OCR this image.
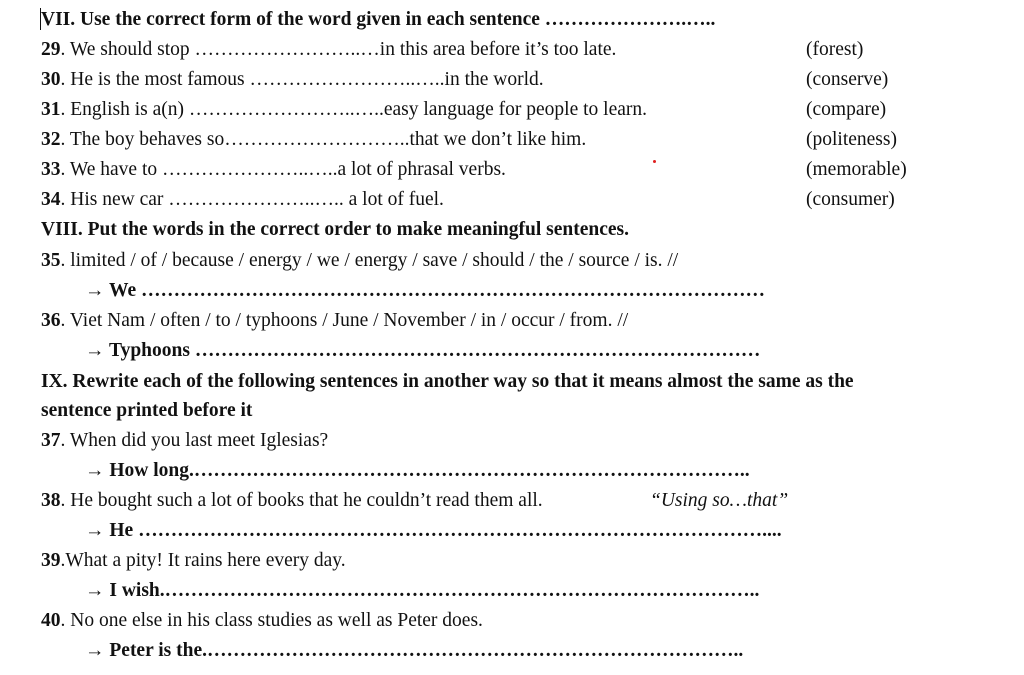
VII. Use the correct form of the word given in each sentence ………………….…..
29. We should stop ……………………..…in this area before it’s too late.	(forest)
30. He is the most famous ……………………..…..in the world.	(conserve)
31. English is a(n) ……………………..…..easy language for people to learn.	(compare)
32. The boy behaves so………………………..that we don’t like him.	(politeness)
33. We have to …………………..…..a lot of phrasal verbs.	(memorable)
34. His new car …………………..….. a lot of fuel.	(consumer)
VIII. Put the words in the correct order to make meaningful sentences.
35. limited / of / because / energy / we / energy / save / should / the / source / is. //
→ We ……………………………………………………………………………………
36. Viet Nam / often / to / typhoons / June / November / in / occur / from. //
→ Typhoons ……………………………………………………………………………
IX. Rewrite each of the following sentences in another way so that it means almost the same as the
sentence printed before it
37. When did you last meet Iglesias?
→ How long.…………………………………………………………………………..
38. He bought such a lot of books that he couldn’t read them all.	“Using so…that”
→ He ……………………………………………………………………………………....
39.What a pity! It rains here every day.
→ I wish.………………………………………………………………………………..
40. No one else in his class studies as well as Peter does.
→ Peter is the.………………………………………………………………………..
